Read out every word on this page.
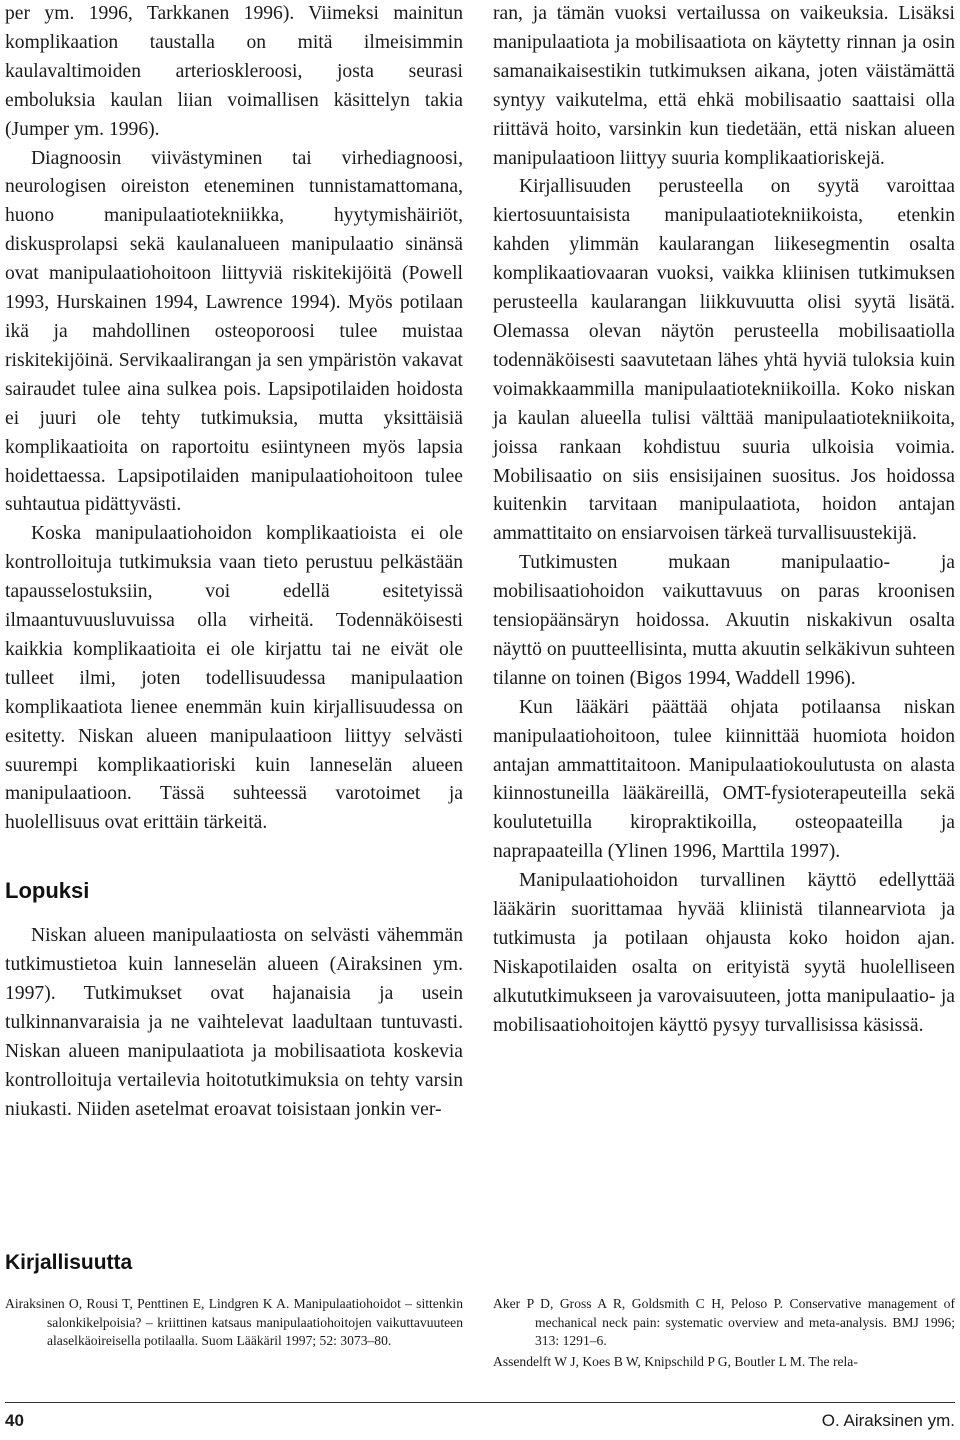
per ym. 1996, Tarkkanen 1996). Viimeksi mainitun komplikaation taustalla on mitä ilmeisimmin kaulavaltimoiden arterioskleroosi, josta seurasi emboluksia kaulan liian voimallisen käsittelyn takia (Jumper ym. 1996).

Diagnoosin viivästyminen tai virhediagnoosi, neurologisen oireiston eteneminen tunnistamattomana, huono manipulaatiotekniikka, hyytymishäiriöt, diskusprolapsi sekä kaulanalueen manipulaatio sinänsä ovat manipulaatiohoitoon liittyviä riskitekijöitä (Powell 1993, Hurskainen 1994, Lawrence 1994). Myös potilaan ikä ja mahdollinen osteoporoosi tulee muistaa riskitekijöinä. Servikaalirangan ja sen ympäristön vakavat sairaudet tulee aina sulkea pois. Lapsipotilaiden hoidosta ei juuri ole tehty tutkimuksia, mutta yksittäisiä komplikaatioita on raportoitu esiintyneen myös lapsia hoidettaessa. Lapsipotilaiden manipulaatiohoitoon tulee suhtautua pidättyvästi.

Koska manipulaatiohoidon komplikaatioista ei ole kontrolloituja tutkimuksia vaan tieto perustuu pelkästään tapausselostuksiin, voi edellä esitetyissä ilmaantuvuusluvuissa olla virheitä. Todennäköisesti kaikkia komplikaatioita ei ole kirjattu tai ne eivät ole tulleet ilmi, joten todellisuudessa manipulaation komplikaatiota lienee enemmän kuin kirjallisuudessa on esitetty. Niskan alueen manipulaatioon liittyy selvästi suurempi komplikaatioriski kuin lanneselän alueen manipulaatioon. Tässä suhteessä varotoimet ja huolellisuus ovat erittäin tärkeitä.

Lopuksi

Niskan alueen manipulaatiosta on selvästi vähemmän tutkimustietoa kuin lanneselän alueen (Airaksinen ym. 1997). Tutkimukset ovat hajanaisia ja usein tulkinnanvaraisia ja ne vaihtelevat laadultaan tuntuvasti. Niskan alueen manipulaatiota ja mobilisaatiota koskevia kontrolloituja vertailevia hoitotutkimuksia on tehty varsin niukasti. Niiden asetelmat eroavat toisistaan jonkin ver-

ran, ja tämän vuoksi vertailussa on vaikeuksia. Lisäksi manipulaatiota ja mobilisaatiota on käytetty rinnan ja osin samanaikaisestikin tutkimuksen aikana, joten väistämättä syntyy vaikutelma, että ehkä mobilisaatio saattaisi olla riittävä hoito, varsinkin kun tiedetään, että niskan alueen manipulaatioon liittyy suuria komplikaatioriskejä.

Kirjallisuuden perusteella on syytä varoittaa kiertosuuntaisista manipulaatiotekniikoista, etenkin kahden ylimmän kaularangan liikesegmentin osalta komplikaatiovaaran vuoksi, vaikka kliinisen tutkimuksen perusteella kaularangan liikkuvuutta olisi syytä lisätä. Olemassa olevan näytön perusteella mobilisaatiolla todennäköisesti saavutetaan lähes yhtä hyviä tuloksia kuin voimakkaammilla manipulaatiotekniikoilla. Koko niskan ja kaulan alueella tulisi välttää manipulaatiotekniikoita, joissa rankaan kohdistuu suuria ulkoisia voimia. Mobilisaatio on siis ensisijainen suositus. Jos hoidossa kuitenkin tarvitaan manipulaatiota, hoidon antajan ammattitaito on ensiarvoisen tärkeä turvallisuustekijä.

Tutkimusten mukaan manipulaatio- ja mobilisaatiohoidon vaikuttavuus on paras kroonisen tensiopäänsäryn hoidossa. Akuutin niskakivun osalta näyttö on puutteellisinta, mutta akuutin selkäkivun suhteen tilanne on toinen (Bigos 1994, Waddell 1996).

Kun lääkäri päättää ohjata potilaansa niskan manipulaatiohoitoon, tulee kiinnittää huomiota hoidon antajan ammattitaitoon. Manipulaatiokoulutusta on alasta kiinnostuneilla lääkäreillä, OMT-fysioterapeuteilla sekä koulutetuilla kiropraktikoilla, osteopaateilla ja naprapaateilla (Ylinen 1996, Marttila 1997).

Manipulaatiohoidon turvallinen käyttö edellyttää lääkärin suorittamaa hyvää kliinistä tilannearviota ja tutkimusta ja potilaan ohjausta koko hoidon ajan. Niskapotilaiden osalta on erityistä syytä huolelliseen alkututkimukseen ja varovaisuuteen, jotta manipulaatio- ja mobilisaatiohoitojen käyttö pysyy turvallisissa käsissä.

Kirjallisuutta

Airaksinen O, Rousi T, Penttinen E, Lindgren K A. Manipulaatiohoidot – sittenkin salonkikelpoisia? – kriittinen katsaus manipulaatiohoitojen vaikuttavuuteen alaselkäoireisella potilaalla. Suom Lääkäril 1997; 52: 3073–80.

Aker P D, Gross A R, Goldsmith C H, Peloso P. Conservative management of mechanical neck pain: systematic overview and meta-analysis. BMJ 1996; 313: 1291–6.

Assendelft W J, Koes B W, Knipschild P G, Boutler L M. The rela-

40	O. Airaksinen ym.
